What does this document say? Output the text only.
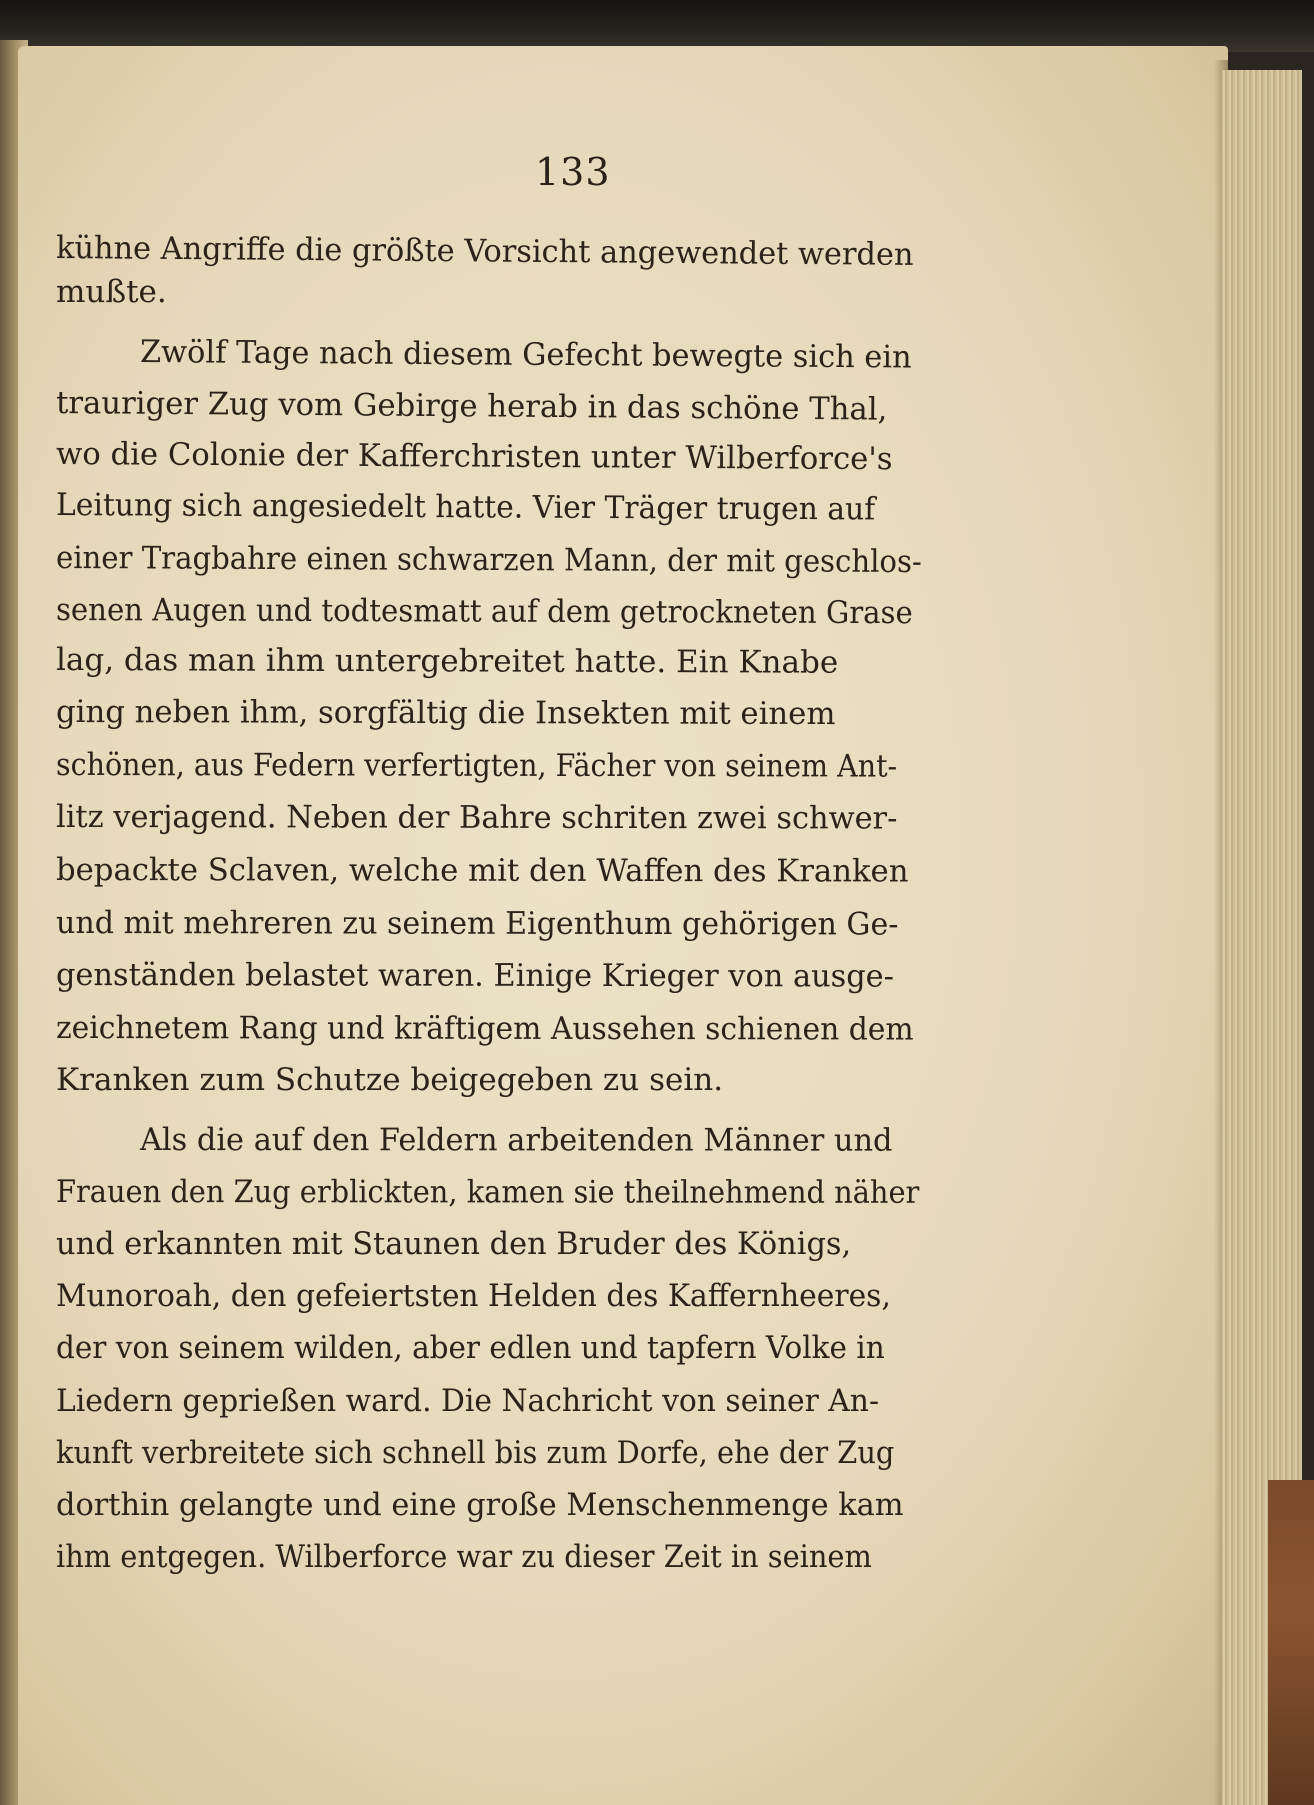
133
kühne Angriffe die größte Vorsicht angewendet werden
mußte.
Zwölf Tage nach diesem Gefecht bewegte sich ein
trauriger Zug vom Gebirge herab in das schöne Thal,
wo die Colonie der Kafferchristen unter Wilberforce's
Leitung sich angesiedelt hatte. Vier Träger trugen auf
einer Tragbahre einen schwarzen Mann, der mit geschlos-
senen Augen und todtesmatt auf dem getrockneten Grase
lag, das man ihm untergebreitet hatte. Ein Knabe
ging neben ihm, sorgfältig die Insekten mit einem
schönen, aus Federn verfertigten, Fächer von seinem Ant-
litz verjagend. Neben der Bahre schriten zwei schwer-
bepackte Sclaven, welche mit den Waffen des Kranken
und mit mehreren zu seinem Eigenthum gehörigen Ge-
genständen belastet waren. Einige Krieger von ausge-
zeichnetem Rang und kräftigem Aussehen schienen dem
Kranken zum Schutze beigegeben zu sein.
Als die auf den Feldern arbeitenden Männer und
Frauen den Zug erblickten, kamen sie theilnehmend näher
und erkannten mit Staunen den Bruder des Königs,
Munoroah, den gefeiertsten Helden des Kaffernheeres,
der von seinem wilden, aber edlen und tapfern Volke in
Liedern geprießen ward. Die Nachricht von seiner An-
kunft verbreitete sich schnell bis zum Dorfe, ehe der Zug
dorthin gelangte und eine große Menschenmenge kam
ihm entgegen. Wilberforce war zu dieser Zeit in seinem
